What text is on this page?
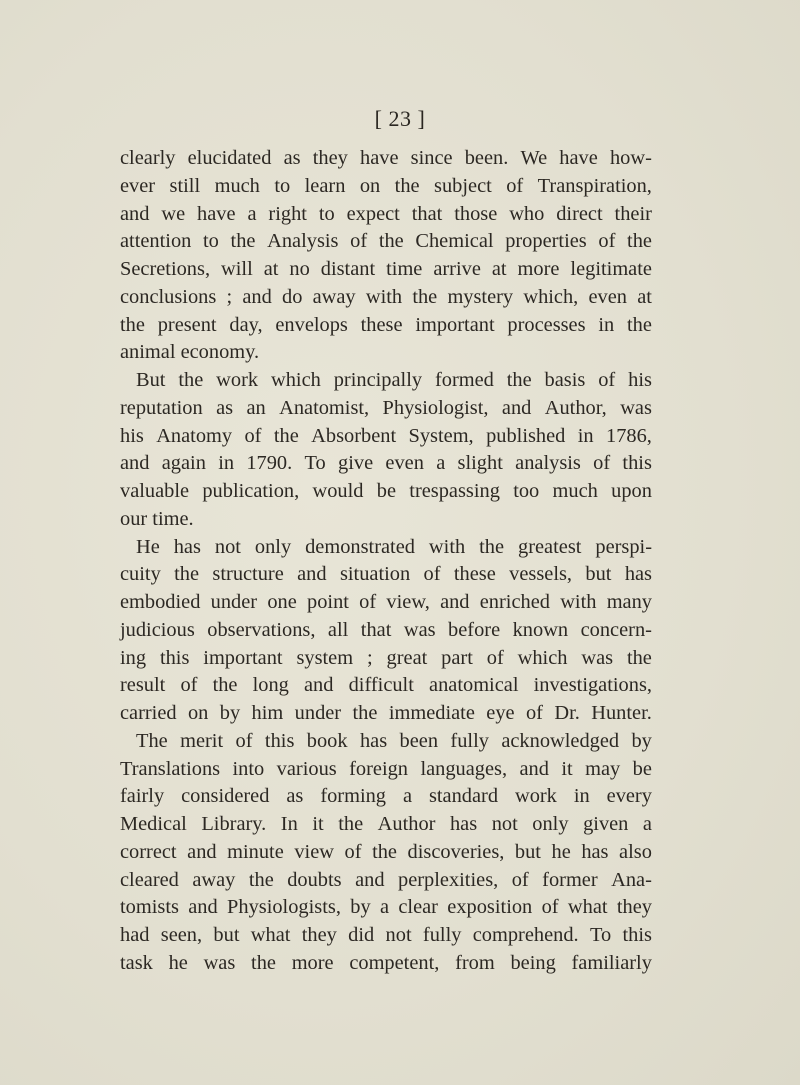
[ 23 ]
clearly elucidated as they have since been. We have how-
ever still much to learn on the subject of Transpiration,
and we have a right to expect that those who direct their
attention to the Analysis of the Chemical properties of the
Secretions, will at no distant time arrive at more legitimate
conclusions ; and do away with the mystery which, even at
the present day, envelops these important processes in the
animal economy.
But the work which principally formed the basis of his
reputation as an Anatomist, Physiologist, and Author, was
his Anatomy of the Absorbent System, published in 1786,
and again in 1790. To give even a slight analysis of this
valuable publication, would be trespassing too much upon
our time.
He has not only demonstrated with the greatest perspi-
cuity the structure and situation of these vessels, but has
embodied under one point of view, and enriched with many
judicious observations, all that was before known concern-
ing this important system ; great part of which was the
result of the long and difficult anatomical investigations,
carried on by him under the immediate eye of Dr. Hunter.
The merit of this book has been fully acknowledged by
Translations into various foreign languages, and it may be
fairly considered as forming a standard work in every
Medical Library. In it the Author has not only given a
correct and minute view of the discoveries, but he has also
cleared away the doubts and perplexities, of former Ana-
tomists and Physiologists, by a clear exposition of what they
had seen, but what they did not fully comprehend. To this
task he was the more competent, from being familiarly
